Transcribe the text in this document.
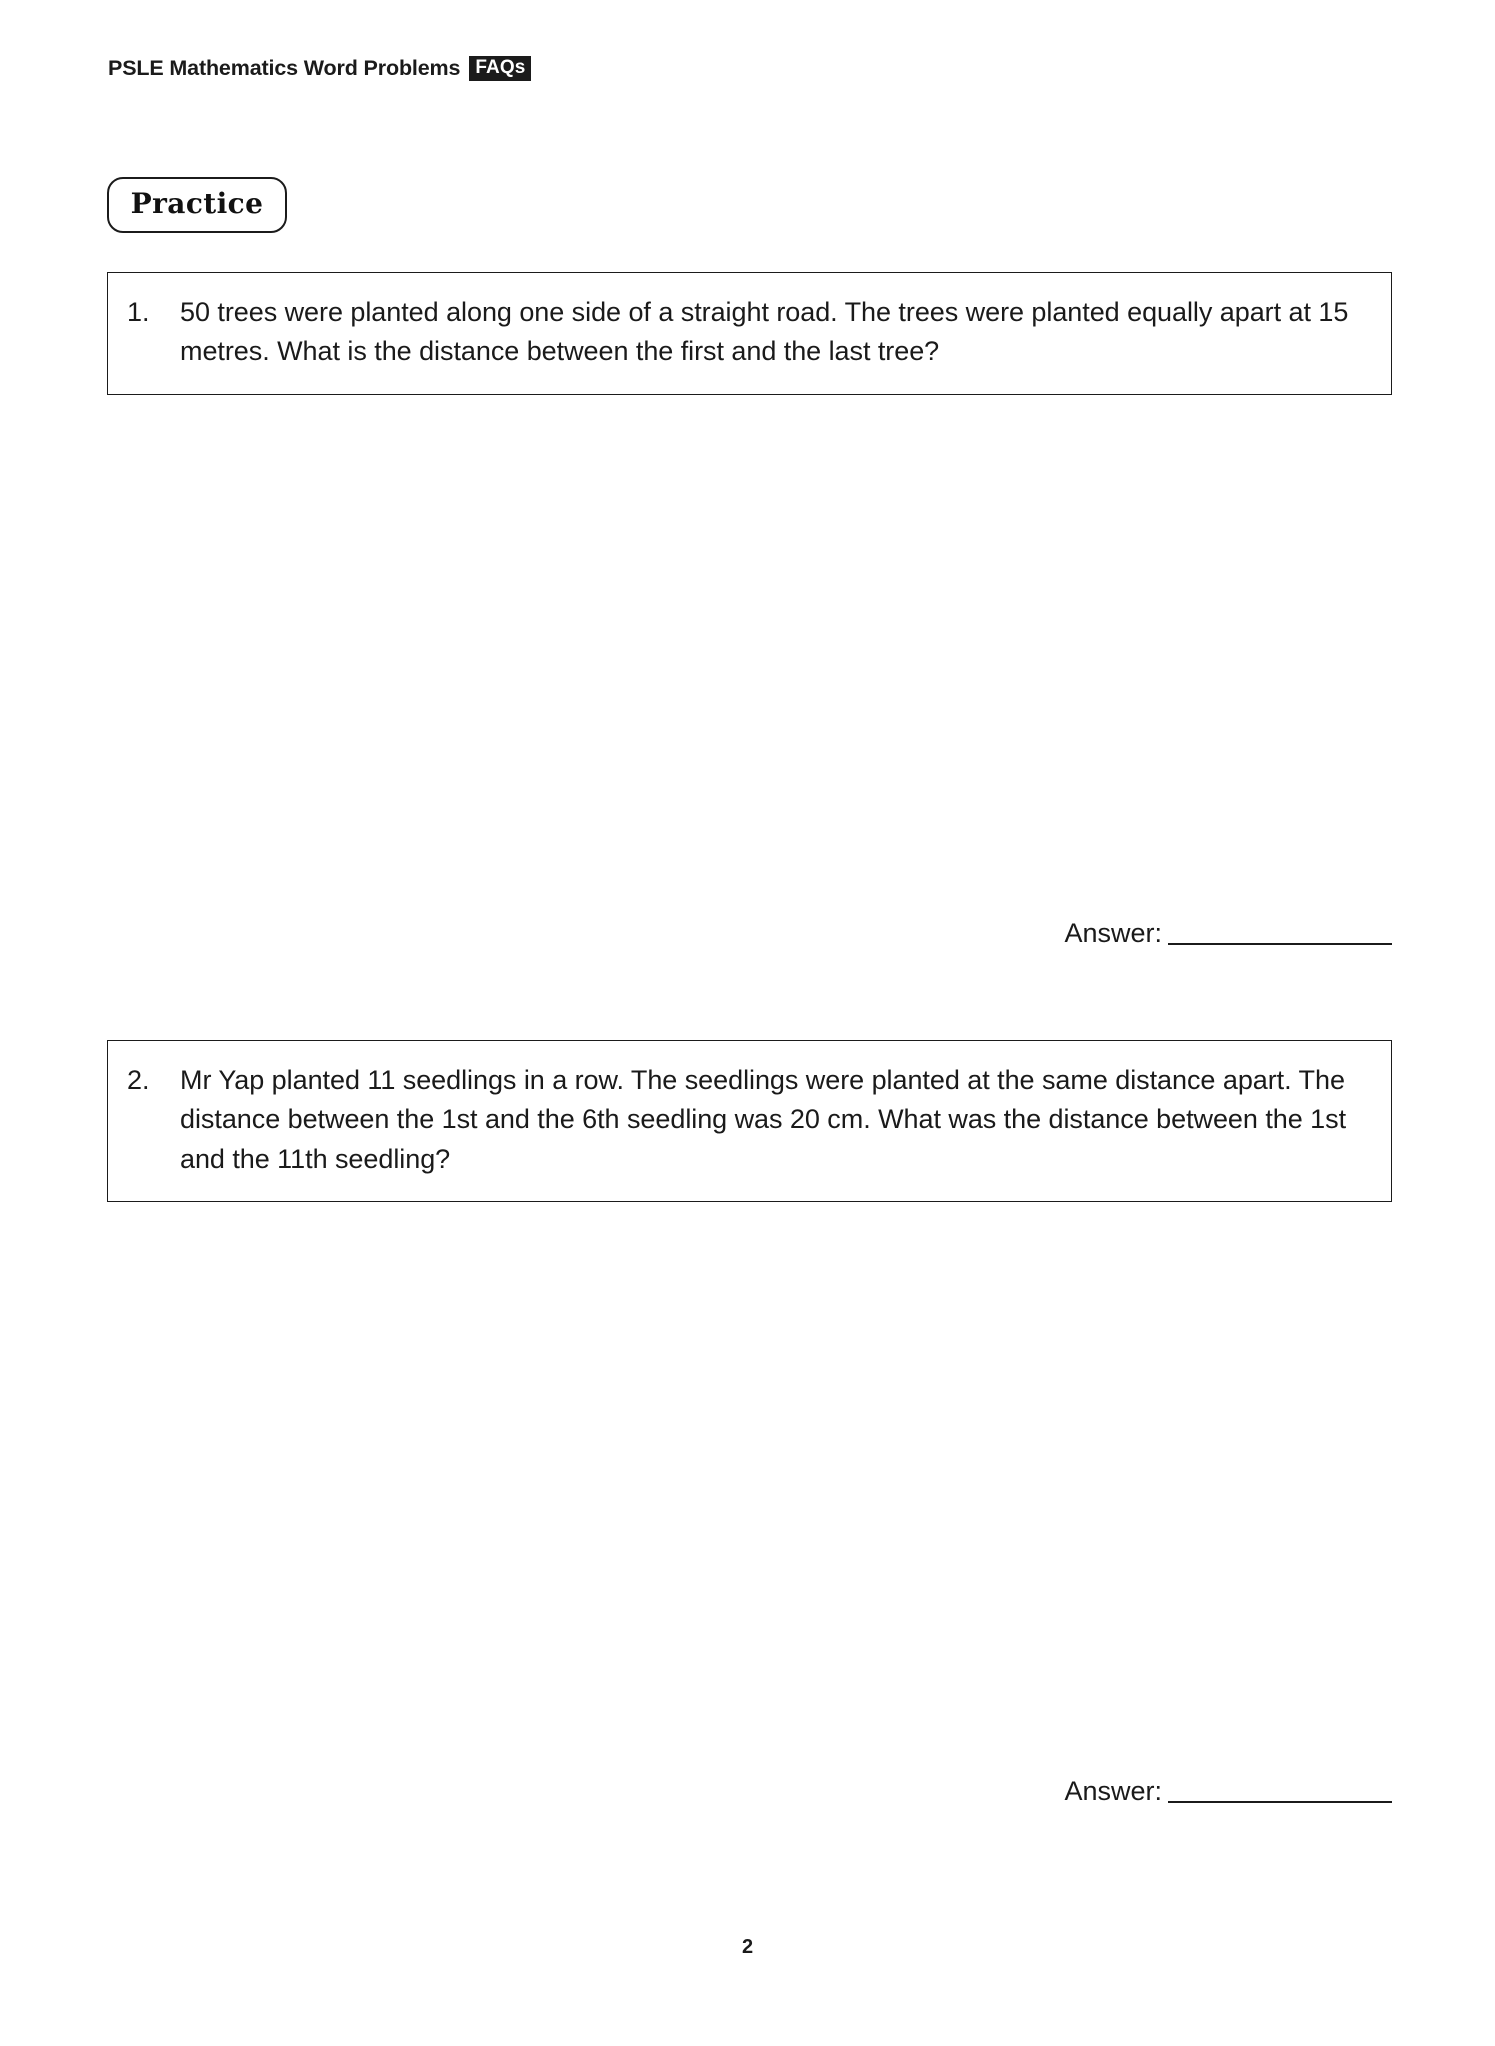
PSLE Mathematics Word Problems FAQs
Practice
1.	50 trees were planted along one side of a straight road. The trees were planted equally apart at 15 metres. What is the distance between the first and the last tree?
Answer:
2.	Mr Yap planted 11 seedlings in a row. The seedlings were planted at the same distance apart. The distance between the 1st and the 6th seedling was 20 cm. What was the distance between the 1st and the 11th seedling?
Answer:
2
